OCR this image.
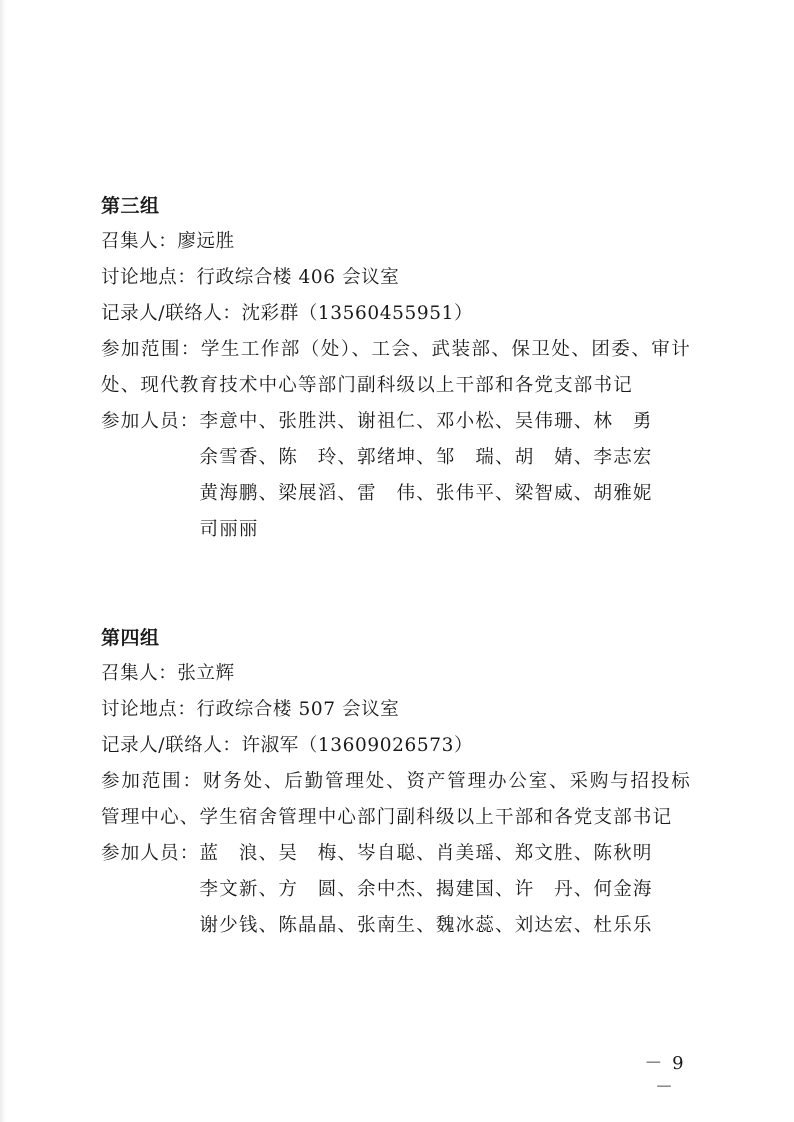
第三组
召集人：廖远胜
讨论地点：行政综合楼 406 会议室
记录人/联络人：沈彩群（13560455951）
参加范围：学生工作部（处）、工会、武装部、保卫处、团委、审计处、现代教育技术中心等部门副科级以上干部和各党支部书记
参加人员： 李意中、张胜洪、谢祖仁、邓小松、吴伟珊、林　勇
余雪香、陈　玲、郭绪坤、邹　瑞、胡　婧、李志宏
黄海鹏、梁展滔、雷　伟、张伟平、梁智威、胡雅妮
司丽丽
第四组
召集人：张立辉
讨论地点：行政综合楼 507 会议室
记录人/联络人：许淑军（13609026573）
参加范围：财务处、后勤管理处、资产管理办公室、采购与招投标管理中心、学生宿舍管理中心部门副科级以上干部和各党支部书记
参加人员： 蓝　浪、吴　梅、岑自聪、肖美瑶、郑文胜、陈秋明
李文新、方　圆、余中杰、揭建国、许　丹、何金海
谢少钱、陈晶晶、张南生、魏冰蕊、刘达宏、杜乐乐
－ 9 －
